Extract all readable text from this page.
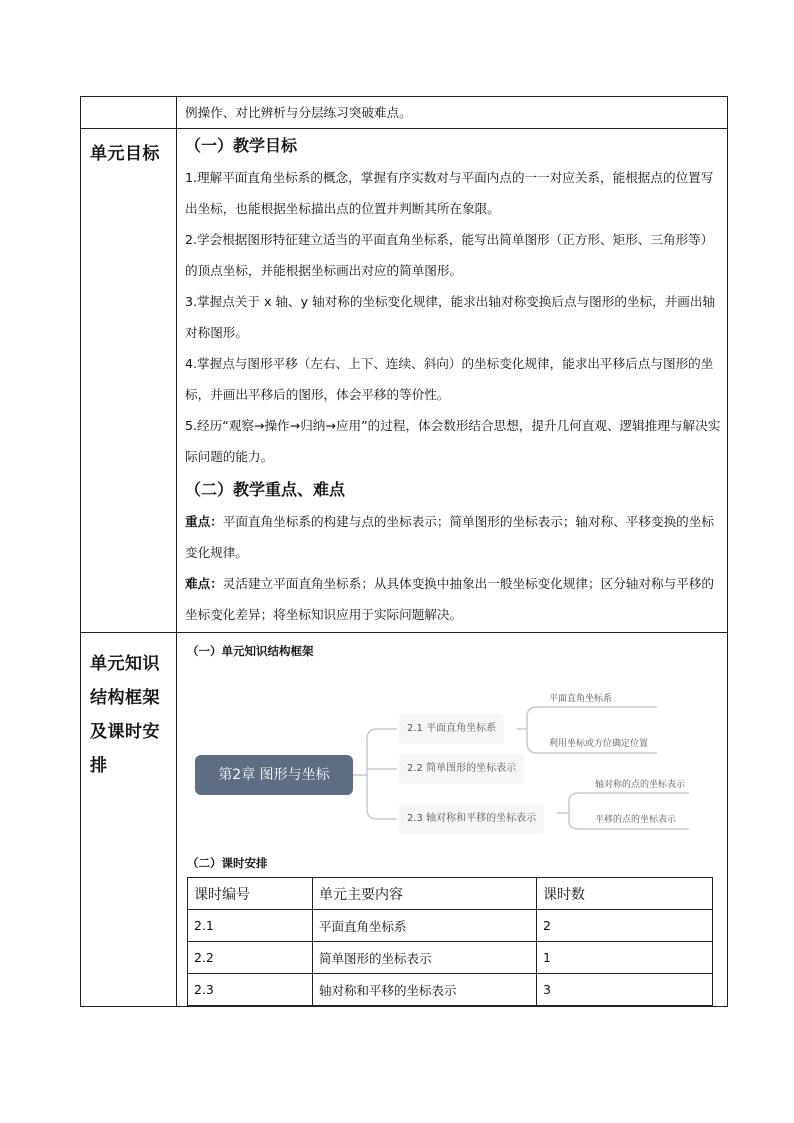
例操作、对比辨析与分层练习突破难点。

单元目标	（一）教学目标

1.理解平面直角坐标系的概念，掌握有序实数对与平面内点的一一对应关系，能根据点的位置写出坐标，也能根据坐标描出点的位置并判断其所在象限。

2.学会根据图形特征建立适当的平面直角坐标系，能写出简单图形（正方形、矩形、三角形等）的顶点坐标，并能根据坐标画出对应的简单图形。

3.掌握点关于 x 轴、y 轴对称的坐标变化规律，能求出轴对称变换后点与图形的坐标，并画出轴对称图形。

4.掌握点与图形平移（左右、上下、连续、斜向）的坐标变化规律，能求出平移后点与图形的坐标，并画出平移后的图形，体会平移的等价性。

5.经历“观察→操作→归纳→应用”的过程，体会数形结合思想，提升几何直观、逻辑推理与解决实际问题的能力。

（二）教学重点、难点

重点：平面直角坐标系的构建与点的坐标表示；简单图形的坐标表示；轴对称、平移变换的坐标变化规律。

难点：灵活建立平面直角坐标系；从具体变换中抽象出一般坐标变化规律；区分轴对称与平移的坐标变化差异；将坐标知识应用于实际问题解决。

单元知识
结构框架
及课时安
排

（一）单元知识结构框架
第2章 图形与坐标
2.1 平面直角坐标系
平面直角坐标系
利用坐标或方位确定位置
2.2 简单图形的坐标表示
2.3 轴对称和平移的坐标表示
轴对称的点的坐标表示
平移的点的坐标表示
（二）课时安排
课时编号	单元主要内容	课时数
2.1	平面直角坐标系	2
2.2	简单图形的坐标表示	1
2.3	轴对称和平移的坐标表示	3
